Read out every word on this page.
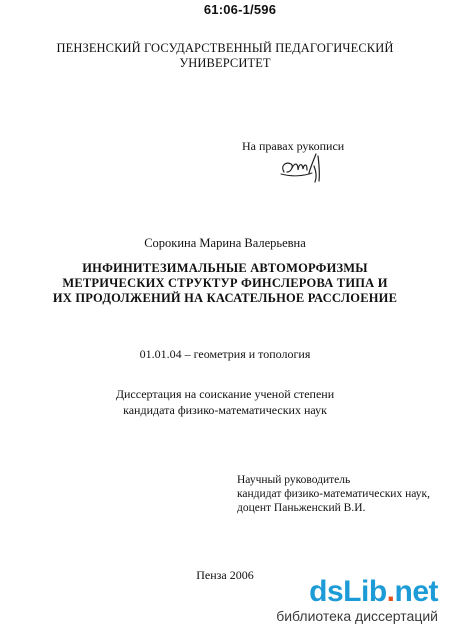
61:06-1/596
ПЕНЗЕНСКИЙ ГОСУДАРСТВЕННЫЙ ПЕДАГОГИЧЕСКИЙ
УНИВЕРСИТЕТ
На правах рукописи
Сорокина Марина Валерьевна
ИНФИНИТЕЗИМАЛЬНЫЕ АВТОМОРФИЗМЫ
МЕТРИЧЕСКИХ СТРУКТУР ФИНСЛЕРОВА ТИПА И
ИХ ПРОДОЛЖЕНИЙ НА КАСАТЕЛЬНОЕ РАССЛОЕНИЕ
01.01.04 – геометрия и топология
Диссертация на соискание ученой степени
кандидата физико-математических наук
Научный руководитель
кандидат физико-математических наук,
доцент Паньженский В.И.
Пенза 2006	dsLib.net
библиотека диссертаций
